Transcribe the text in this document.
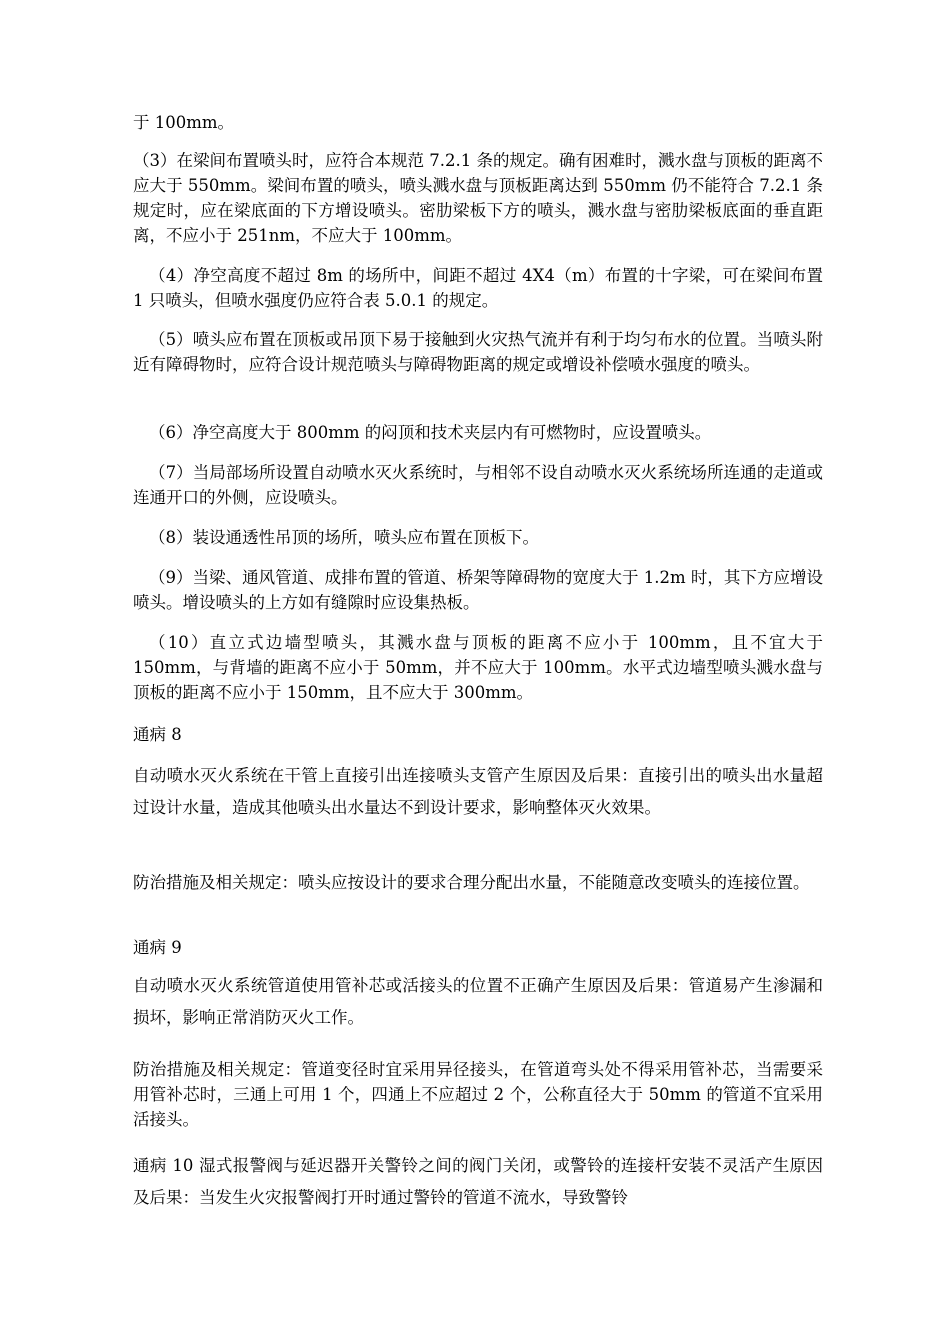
于 100mm。

（3）在梁间布置喷头时，应符合本规范 7.2.1 条的规定。确有困难时，溅水盘与顶板的距离不应大于 550mm。梁间布置的喷头，喷头溅水盘与顶板距离达到 550mm 仍不能符合 7.2.1 条规定时，应在梁底面的下方增设喷头。密肋梁板下方的喷头，溅水盘与密肋梁板底面的垂直距离，不应小于 251nm，不应大于 100mm。

（4）净空高度不超过 8m 的场所中，间距不超过 4X4（m）布置的十字梁，可在梁间布置 1 只喷头，但喷水强度仍应符合表 5.0.1 的规定。

（5）喷头应布置在顶板或吊顶下易于接触到火灾热气流并有利于均匀布水的位置。当喷头附近有障碍物时，应符合设计规范喷头与障碍物距离的规定或增设补偿喷水强度的喷头。

（6）净空高度大于 800mm 的闷顶和技术夹层内有可燃物时，应设置喷头。

（7）当局部场所设置自动喷水灭火系统时，与相邻不设自动喷水灭火系统场所连通的走道或连通开口的外侧，应设喷头。

（8）装设通透性吊顶的场所，喷头应布置在顶板下。

（9）当梁、通风管道、成排布置的管道、桥架等障碍物的宽度大于 1.2m 时，其下方应增设喷头。增设喷头的上方如有缝隙时应设集热板。

（10）直立式边墙型喷头，其溅水盘与顶板的距离不应小于 100mm，且不宜大于 150mm，与背墙的距离不应小于 50mm，并不应大于 100mm。水平式边墙型喷头溅水盘与顶板的距离不应小于 150mm，且不应大于 300mm。

通病 8

自动喷水灭火系统在干管上直接引出连接喷头支管产生原因及后果：直接引出的喷头出水量超过设计水量，造成其他喷头出水量达不到设计要求，影响整体灭火效果。

防治措施及相关规定：喷头应按设计的要求合理分配出水量，不能随意改变喷头的连接位置。

通病 9

自动喷水灭火系统管道使用管补芯或活接头的位置不正确产生原因及后果：管道易产生渗漏和损坏，影响正常消防灭火工作。

防治措施及相关规定：管道变径时宜采用异径接头，在管道弯头处不得采用管补芯，当需要采用管补芯时，三通上可用 1 个，四通上不应超过 2 个，公称直径大于 50mm 的管道不宜采用活接头。

通病 10 湿式报警阀与延迟器开关警铃之间的阀门关闭，或警铃的连接杆安装不灵活产生原因及后果：当发生火灾报警阀打开时通过警铃的管道不流水，导致警铃
